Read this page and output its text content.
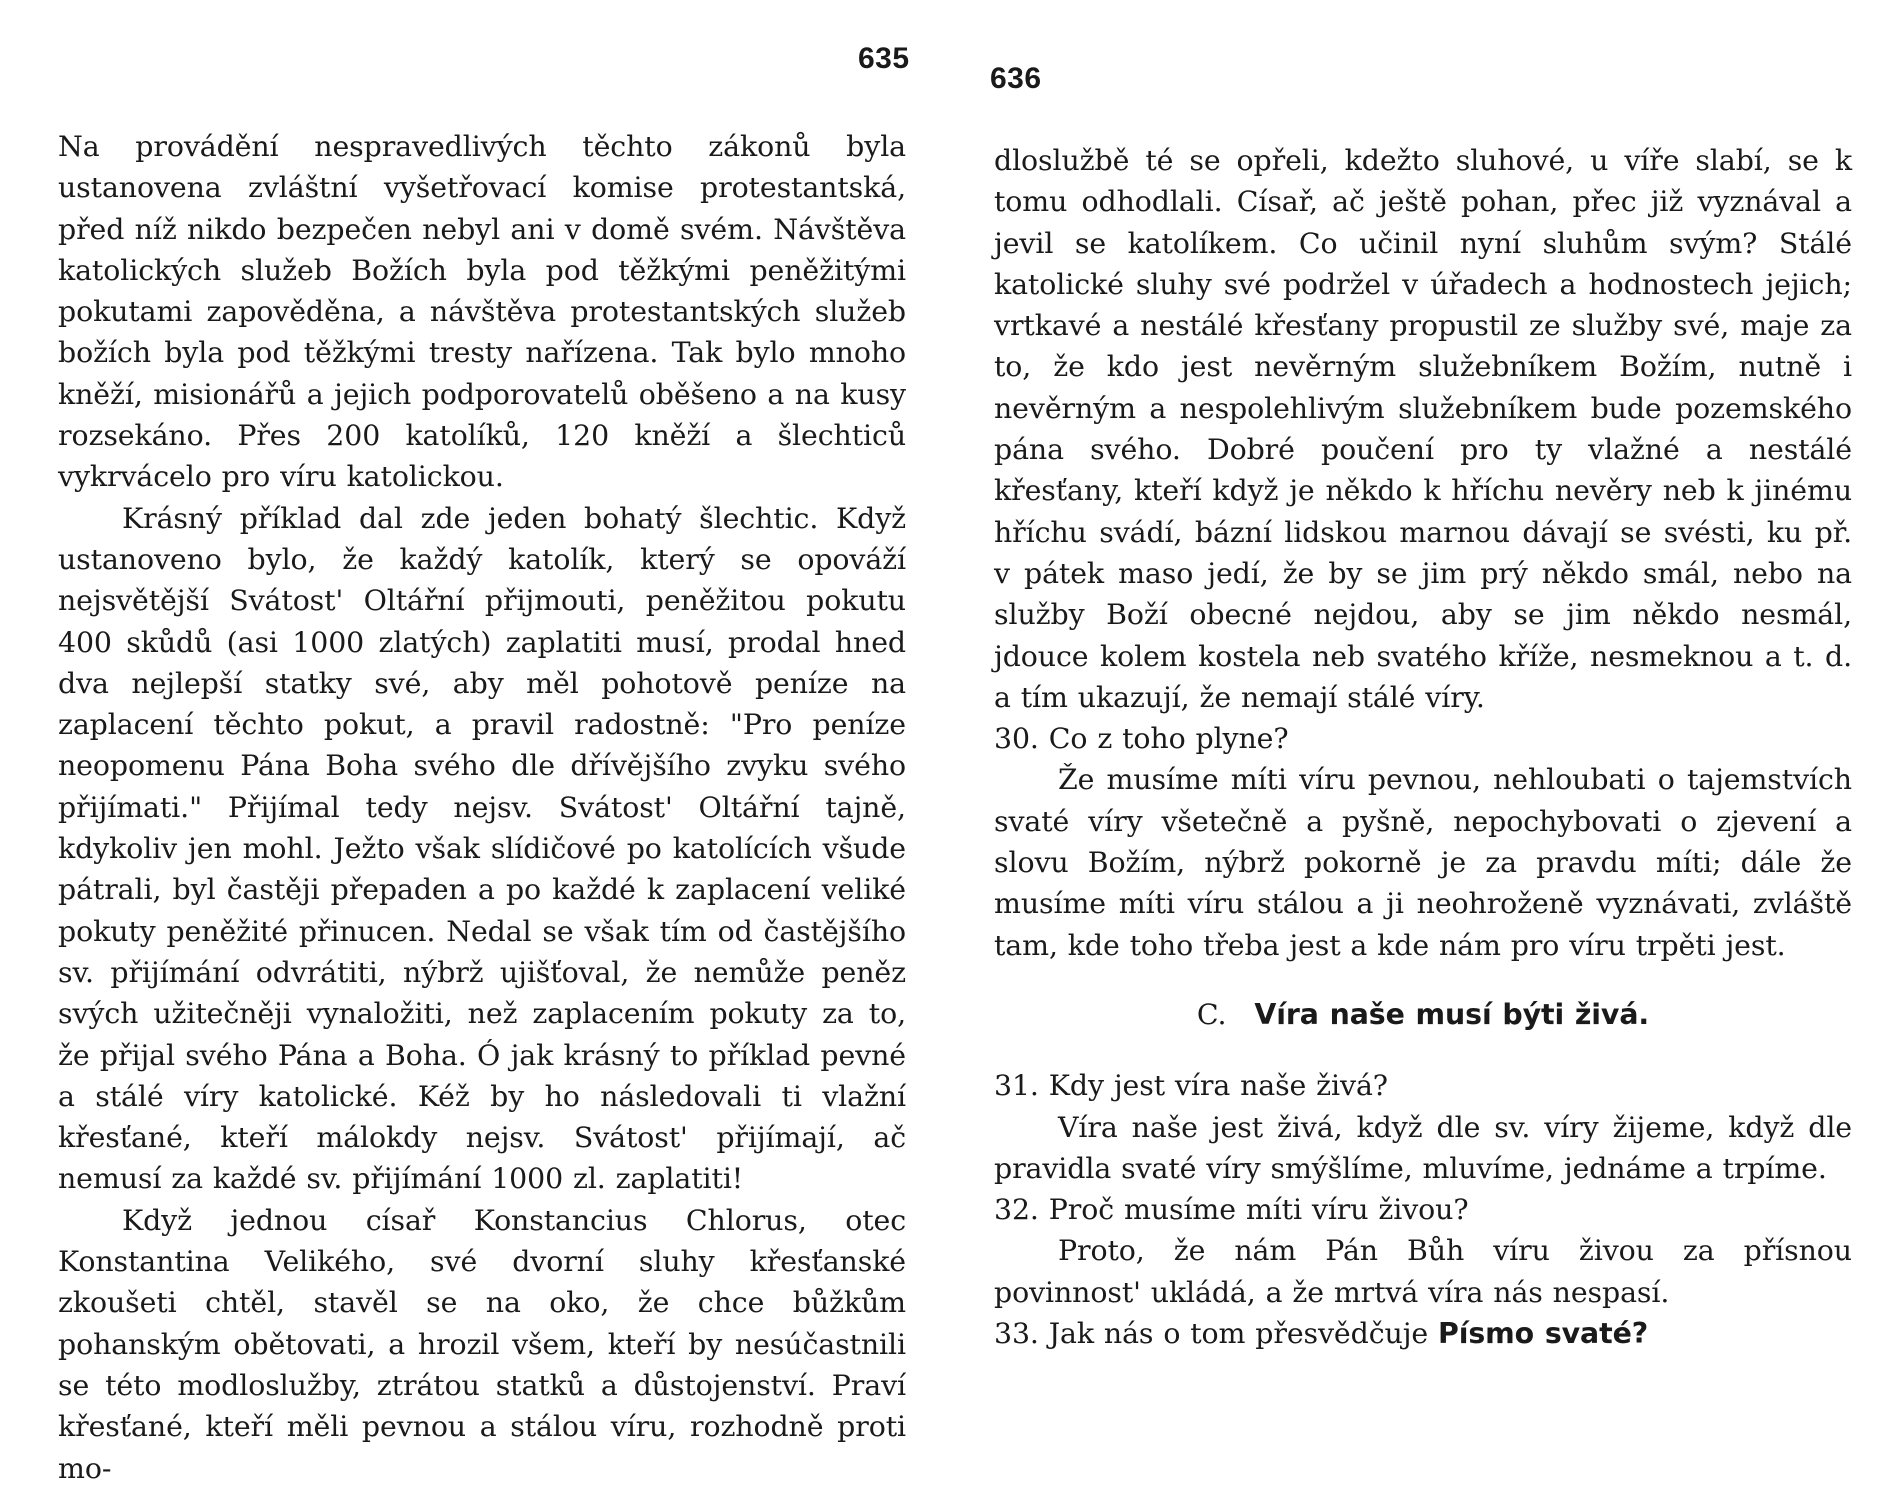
635

Na provádění nespravedlivých těchto zákonů byla ustanovena zvláštní vyšetřovací komise protestantská, před níž nikdo bezpečen nebyl ani v domě svém. Návštěva katolických služeb Božích byla pod těžkými peněžitými pokutami zapověděna, a návštěva protestantských služeb božích byla pod těžkými tresty nařízena. Tak bylo mnoho kněží, misionářů a jejich podporovatelů oběšeno a na kusy rozsekáno. Přes 200 katolíků, 120 kněží a šlechticů vykrvácelo pro víru katolickou.

Krásný příklad dal zde jeden bohatý šlechtic. Když ustanoveno bylo, že každý katolík, který se opováží nejsvětější Svátost' Oltářní přijmouti, peněžitou pokutu 400 skůdů (asi 1000 zlatých) zaplatiti musí, prodal hned dva nejlepší statky své, aby měl pohotově peníze na zaplacení těchto pokut, a pravil radostně: "Pro peníze neopomenu Pána Boha svého dle dřívějšího zvyku svého přijímati." Přijímal tedy nejsv. Svátost' Oltářní tajně, kdykoliv jen mohl. Ježto však slídičové po katolících všude pátrali, byl častěji přepaden a po každé k zaplacení veliké pokuty peněžité přinucen. Nedal se však tím od častějšího sv. přijímání odvrátiti, nýbrž ujišťoval, že nemůže peněz svých užitečněji vynaložiti, než zaplacením pokuty za to, že přijal svého Pána a Boha. Ó jak krásný to příklad pevné a stálé víry katolické. Kéž by ho následovali ti vlažní křesťané, kteří málokdy nejsv. Svátost' přijímají, ač nemusí za každé sv. přijímání 1000 zl. zaplatiti!

Když jednou císař Konstancius Chlorus, otec Konstantina Velikého, své dvorní sluhy křesťanské zkoušeti chtěl, stavěl se na oko, že chce bůžkům pohanským obětovati, a hrozil všem, kteří by nesúčastnili se této modloslužby, ztrátou statků a důstojenství. Praví křesťané, kteří měli pevnou a stálou víru, rozhodně proti mo-

636

dloslužbě té se opřeli, kdežto sluhové, u víře slabí, se k tomu odhodlali. Císař, ač ještě pohan, přec již vyznával a jevil se katolíkem. Co učinil nyní sluhům svým? Stálé katolické sluhy své podržel v úřadech a hodnostech jejich; vrtkavé a nestálé křesťany propustil ze služby své, maje za to, že kdo jest nevěrným služebníkem Božím, nutně i nevěrným a nespolehlivým služebníkem bude pozemského pána svého. Dobré poučení pro ty vlažné a nestálé křesťany, kteří když je někdo k hříchu nevěry neb k jinému hříchu svádí, bázní lidskou marnou dávají se svésti, ku př. v pátek maso jedí, že by se jim prý někdo smál, nebo na služby Boží obecné nejdou, aby se jim někdo nesmál, jdouce kolem kostela neb svatého kříže, nesmeknou a t. d. a tím ukazují, že nemají stálé víry.

30. Co z toho plyne?

Že musíme míti víru pevnou, nehloubati o tajemstvích svaté víry všetečně a pyšně, nepochybovati o zjevení a slovu Božím, nýbrž pokorně je za pravdu míti; dále že musíme míti víru stálou a ji neohroženě vyznávati, zvláště tam, kde toho třeba jest a kde nám pro víru trpěti jest.

C. Víra naše musí býti živá.

31. Kdy jest víra naše živá?

Víra naše jest živá, když dle sv. víry žijeme, když dle pravidla svaté víry smýšlíme, mluvíme, jednáme a trpíme.

32. Proč musíme míti víru živou?

Proto, že nám Pán Bůh víru živou za přísnou povinnost' ukládá, a že mrtvá víra nás nespasí.

33. Jak nás o tom přesvědčuje Písmo svaté?
